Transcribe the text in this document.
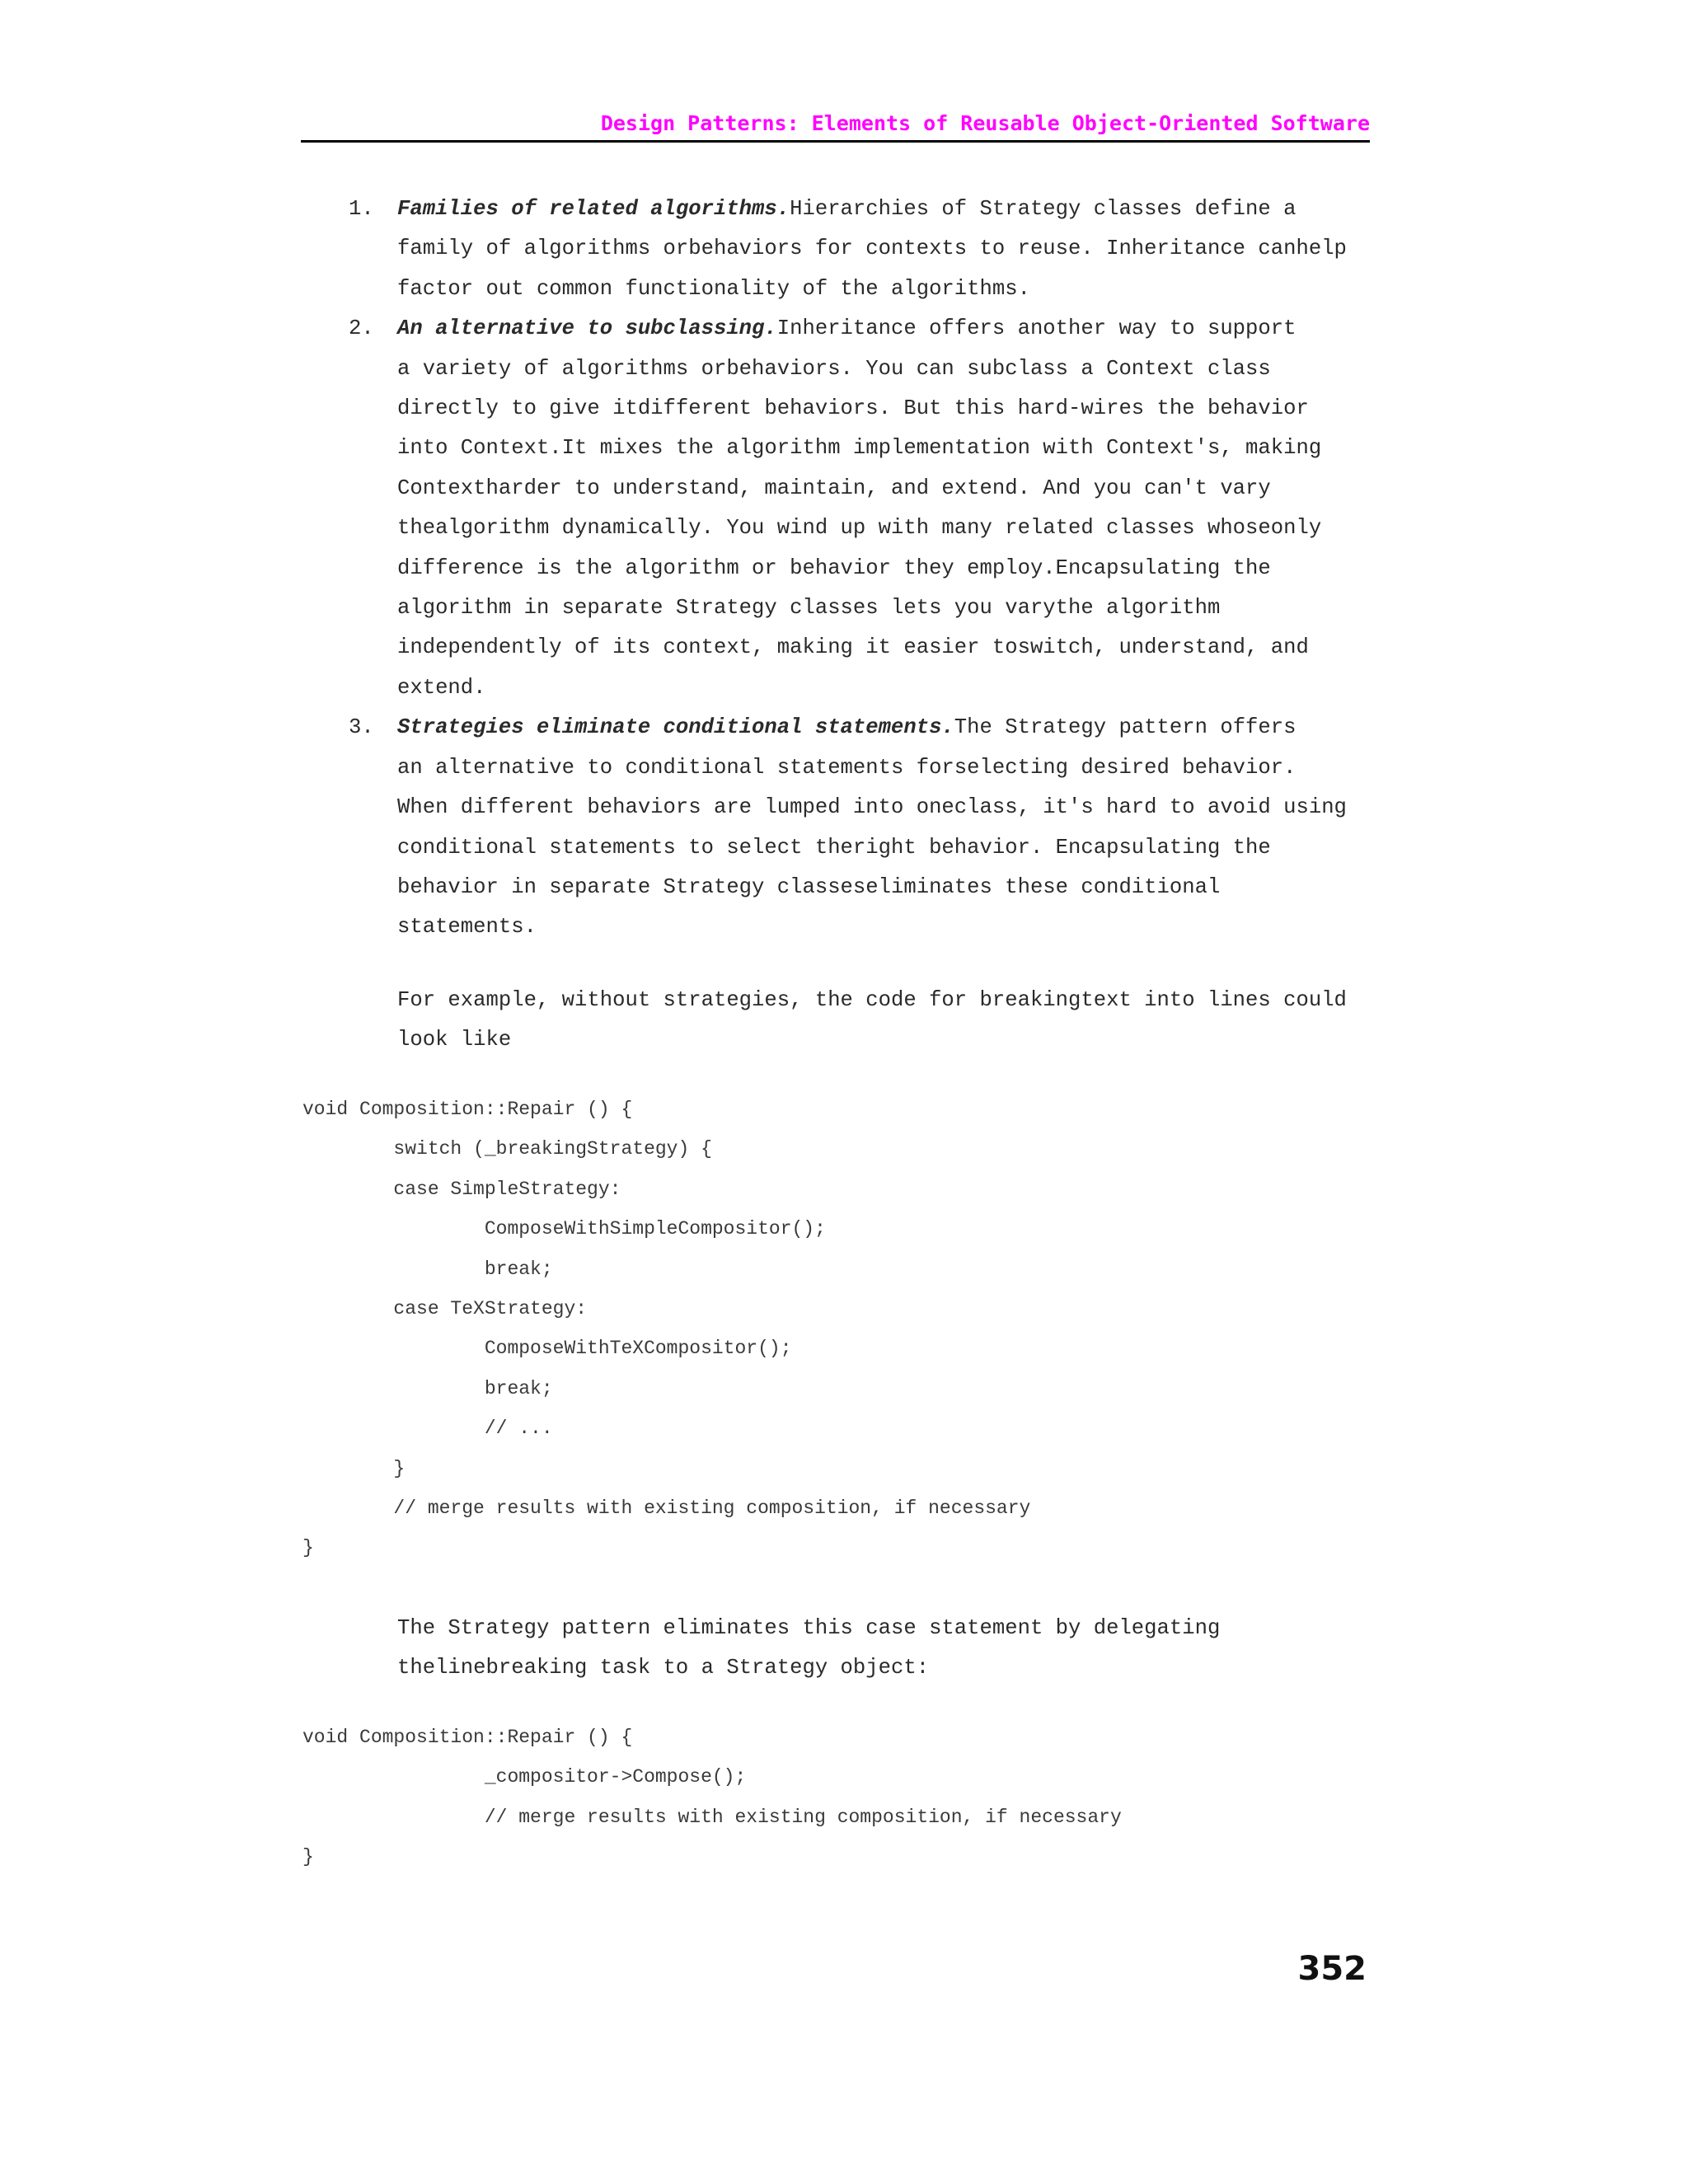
Design Patterns: Elements of Reusable Object-Oriented Software
1. Families of related algorithms.Hierarchies of Strategy classes define a
family of algorithms orbehaviors for contexts to reuse. Inheritance canhelp
factor out common functionality of the algorithms.
2. An alternative to subclassing.Inheritance offers another way to support
a variety of algorithms orbehaviors. You can subclass a Context class
directly to give itdifferent behaviors. But this hard-wires the behavior
into Context.It mixes the algorithm implementation with Context's, making
Contextharder to understand, maintain, and extend. And you can't vary
thealgorithm dynamically. You wind up with many related classes whoseonly
difference is the algorithm or behavior they employ.Encapsulating the
algorithm in separate Strategy classes lets you varythe algorithm
independently of its context, making it easier toswitch, understand, and
extend.
3. Strategies eliminate conditional statements.The Strategy pattern offers
an alternative to conditional statements forselecting desired behavior.
When different behaviors are lumped into oneclass, it's hard to avoid using
conditional statements to select theright behavior. Encapsulating the
behavior in separate Strategy classeseliminates these conditional
statements.
For example, without strategies, the code for breakingtext into lines could
look like
void Composition::Repair () {
switch (_breakingStrategy) {
case SimpleStrategy:
ComposeWithSimpleCompositor();
break;
case TeXStrategy:
ComposeWithTeXCompositor();
break;
// ...
}
// merge results with existing composition, if necessary
}
The Strategy pattern eliminates this case statement by delegating
thelinebreaking task to a Strategy object:
void Composition::Repair () {
_compositor->Compose();
// merge results with existing composition, if necessary
}
352
